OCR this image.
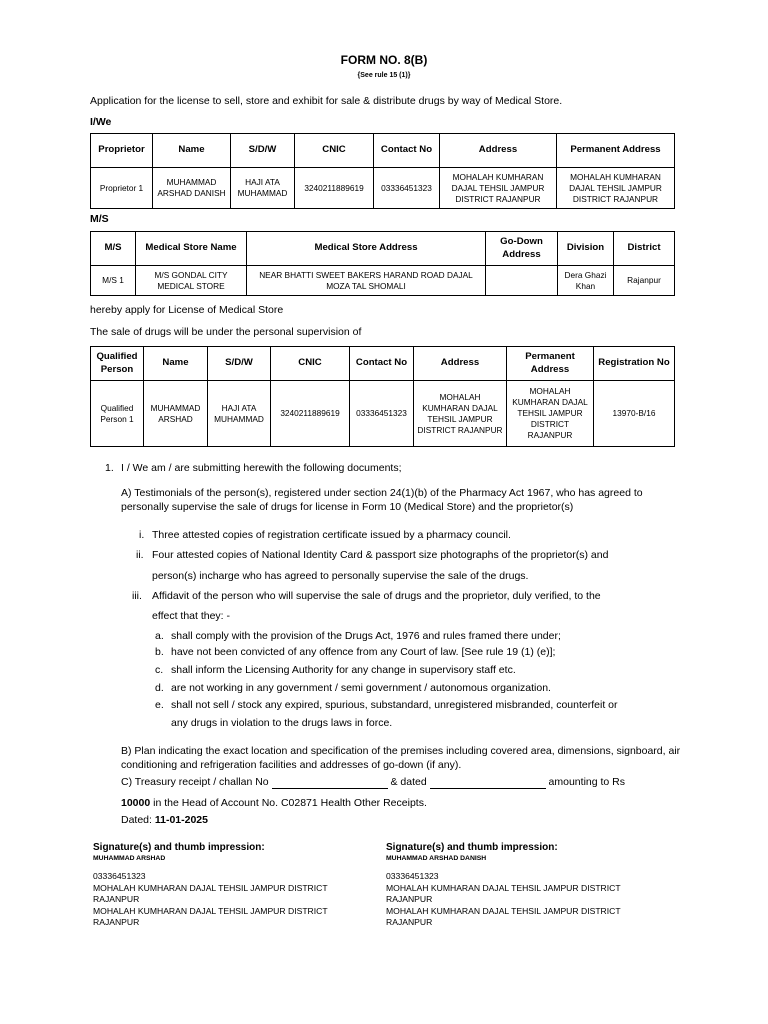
FORM NO. 8(B)
{See rule 15 (1)}
Application for the license to sell, store and exhibit for sale & distribute drugs by way of Medical Store.
I/We
Proprietor	Name	S/D/W	CNIC	Contact No	Address	Permanent Address
Proprietor 1	MUHAMMAD ARSHAD DANISH	HAJI ATA MUHAMMAD	3240211889619	03336451323	MOHALAH KUMHARAN DAJAL TEHSIL JAMPUR DISTRICT RAJANPUR	MOHALAH KUMHARAN DAJAL TEHSIL JAMPUR DISTRICT RAJANPUR
M/S
M/S	Medical Store Name	Medical Store Address	Go-Down Address	Division	District
M/S 1	M/S GONDAL CITY MEDICAL STORE	NEAR BHATTI SWEET BAKERS HARAND ROAD DAJAL MOZA TAL SHOMALI		Dera Ghazi Khan	Rajanpur
hereby apply for License of Medical Store
The sale of drugs will be under the personal supervision of
Qualified Person	Name	S/D/W	CNIC	Contact No	Address	Permanent Address	Registration No
Qualified Person 1	MUHAMMAD ARSHAD	HAJI ATA MUHAMMAD	3240211889619	03336451323	MOHALAH KUMHARAN DAJAL TEHSIL JAMPUR DISTRICT RAJANPUR	MOHALAH KUMHARAN DAJAL TEHSIL JAMPUR DISTRICT RAJANPUR	13970-B/16
1. I / We am / are submitting herewith the following documents;
A) Testimonials of the person(s), registered under section 24(1)(b) of the Pharmacy Act 1967, who has agreed to personally supervise the sale of drugs for license in Form 10 (Medical Store) and the proprietor(s)
i. Three attested copies of registration certificate issued by a pharmacy council.
ii. Four attested copies of National Identity Card & passport size photographs of the proprietor(s) and
person(s) incharge who has agreed to personally supervise the sale of the drugs.
iii. Affidavit of the person who will supervise the sale of drugs and the proprietor, duly verified, to the
effect that they: -
a. shall comply with the provision of the Drugs Act, 1976 and rules framed there under;
b. have not been convicted of any offence from any Court of law. [See rule 19 (1) (e)];
c. shall inform the Licensing Authority for any change in supervisory staff etc.
d. are not working in any government / semi government / autonomous organization.
e. shall not sell / stock any expired, spurious, substandard, unregistered misbranded, counterfeit or
any drugs in violation to the drugs laws in force.
B) Plan indicating the exact location and specification of the premises including covered area, dimensions, signboard, air conditioning and refrigeration facilities and addresses of go-down (if any).
C) Treasury receipt / challan No	& dated	amounting to Rs
10000 in the Head of Account No. C02871 Health Other Receipts.
Dated: 11-01-2025
Signature(s) and thumb impression:
MUHAMMAD ARSHAD
03336451323
MOHALAH KUMHARAN DAJAL TEHSIL JAMPUR DISTRICT
RAJANPUR
MOHALAH KUMHARAN DAJAL TEHSIL JAMPUR DISTRICT
RAJANPUR
Signature(s) and thumb impression:
MUHAMMAD ARSHAD DANISH
03336451323
MOHALAH KUMHARAN DAJAL TEHSIL JAMPUR DISTRICT
RAJANPUR
MOHALAH KUMHARAN DAJAL TEHSIL JAMPUR DISTRICT
RAJANPUR
